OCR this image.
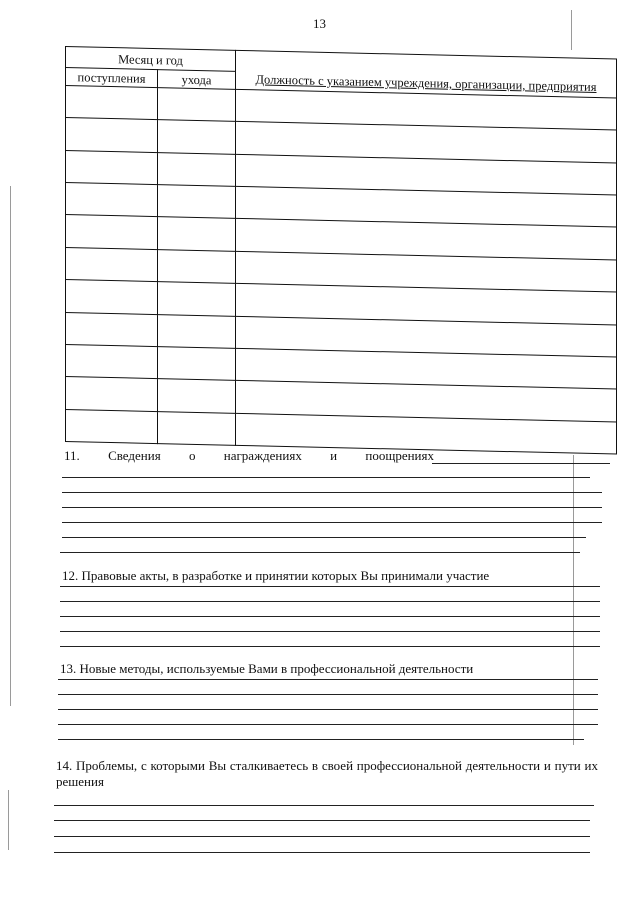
13
Месяц и год		Должность с указанием учреждения, организации, предприятия
поступления	ухода	

11. Сведения о награждениях и поощрениях
12. Правовые акты, в разработке и принятии которых Вы принимали участие
13. Новые методы, используемые Вами в профессиональной деятельности
14. Проблемы, с которыми Вы сталкиваетесь в своей профессиональной деятельности и пути их решения
